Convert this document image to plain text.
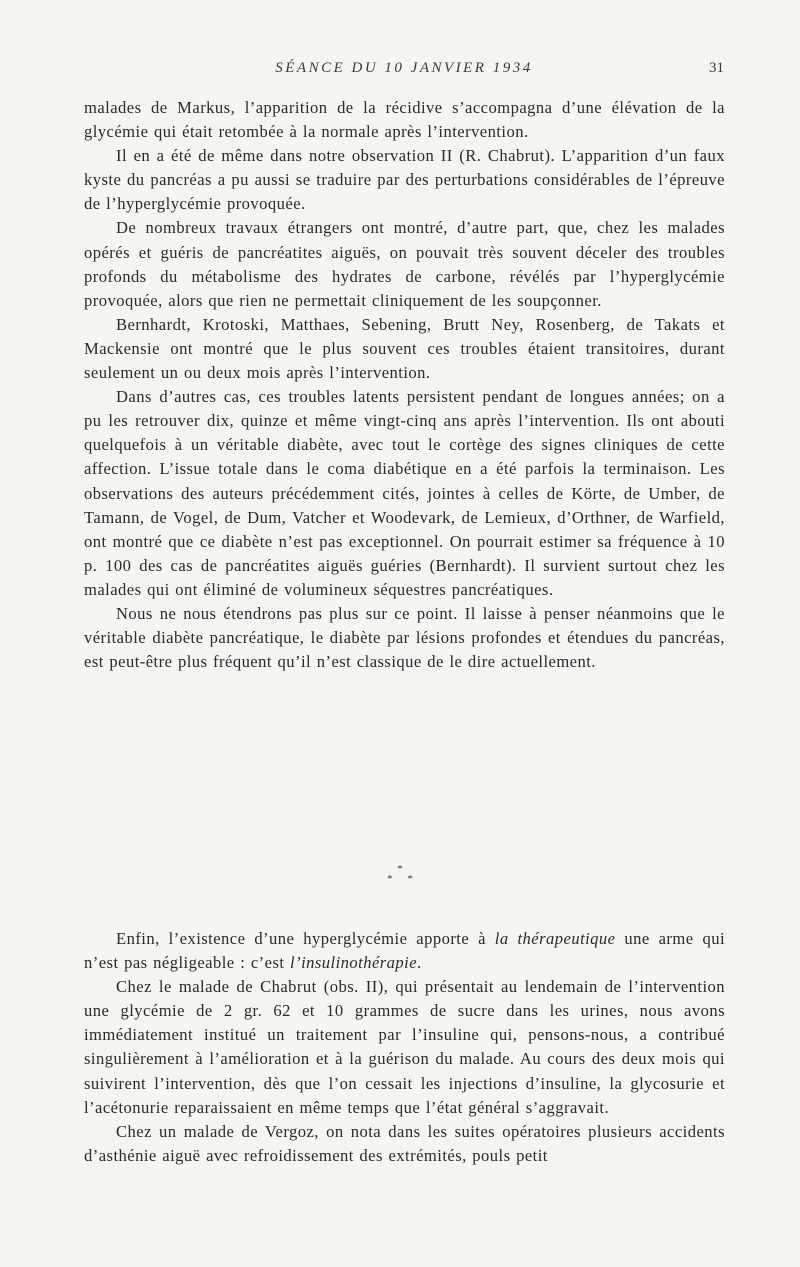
SÉANCE DU 10 JANVIER 1934	31

malades de Markus, l’apparition de la récidive s’accompagna d’une élévation de la glycémie qui était retombée à la normale après l’intervention.

Il en a été de même dans notre observation II (R. Chabrut). L’apparition d’un faux kyste du pancréas a pu aussi se traduire par des perturbations considérables de l’épreuve de l’hyperglycémie provoquée.

De nombreux travaux étrangers ont montré, d’autre part, que, chez les malades opérés et guéris de pancréatites aiguës, on pouvait très souvent déceler des troubles profonds du métabolisme des hydrates de carbone, révélés par l’hyperglycémie provoquée, alors que rien ne permettait cliniquement de les soupçonner.

Bernhardt, Krotoski, Matthaes, Sebening, Brutt Ney, Rosenberg, de Takats et Mackensie ont montré que le plus souvent ces troubles étaient transitoires, durant seulement un ou deux mois après l’intervention.

Dans d’autres cas, ces troubles latents persistent pendant de longues années; on a pu les retrouver dix, quinze et même vingt-cinq ans après l’intervention. Ils ont abouti quelquefois à un véritable diabète, avec tout le cortège des signes cliniques de cette affection. L’issue totale dans le coma diabétique en a été parfois la terminaison. Les observations des auteurs précédemment cités, jointes à celles de Körte, de Umber, de Tamann, de Vogel, de Dum, Vatcher et Woodevark, de Lemieux, d’Orthner, de Warfield, ont montré que ce diabète n’est pas exceptionnel. On pourrait estimer sa fréquence à 10 p. 100 des cas de pancréatites aiguës guéries (Bernhardt). Il survient surtout chez les malades qui ont éliminé de volumineux séquestres pancréatiques.

Nous ne nous étendrons pas plus sur ce point. Il laisse à penser néanmoins que le véritable diabète pancréatique, le diabète par lésions profondes et étendues du pancréas, est peut-être plus fréquent qu’il n’est classique de le dire actuellement.

*
* *

Enfin, l’existence d’une hyperglycémie apporte à la thérapeutique une arme qui n’est pas négligeable : c’est l’insulinothérapie.

Chez le malade de Chabrut (obs. II), qui présentait au lendemain de l’intervention une glycémie de 2 gr. 62 et 10 grammes de sucre dans les urines, nous avons immédiatement institué un traitement par l’insuline qui, pensons-nous, a contribué singulièrement à l’amélioration et à la guérison du malade. Au cours des deux mois qui suivirent l’intervention, dès que l’on cessait les injections d’insuline, la glycosurie et l’acétonurie reparaissaient en même temps que l’état général s’aggravait.

Chez un malade de Vergoz, on nota dans les suites opératoires plusieurs accidents d’asthénie aiguë avec refroidissement des extrémités, pouls petit
